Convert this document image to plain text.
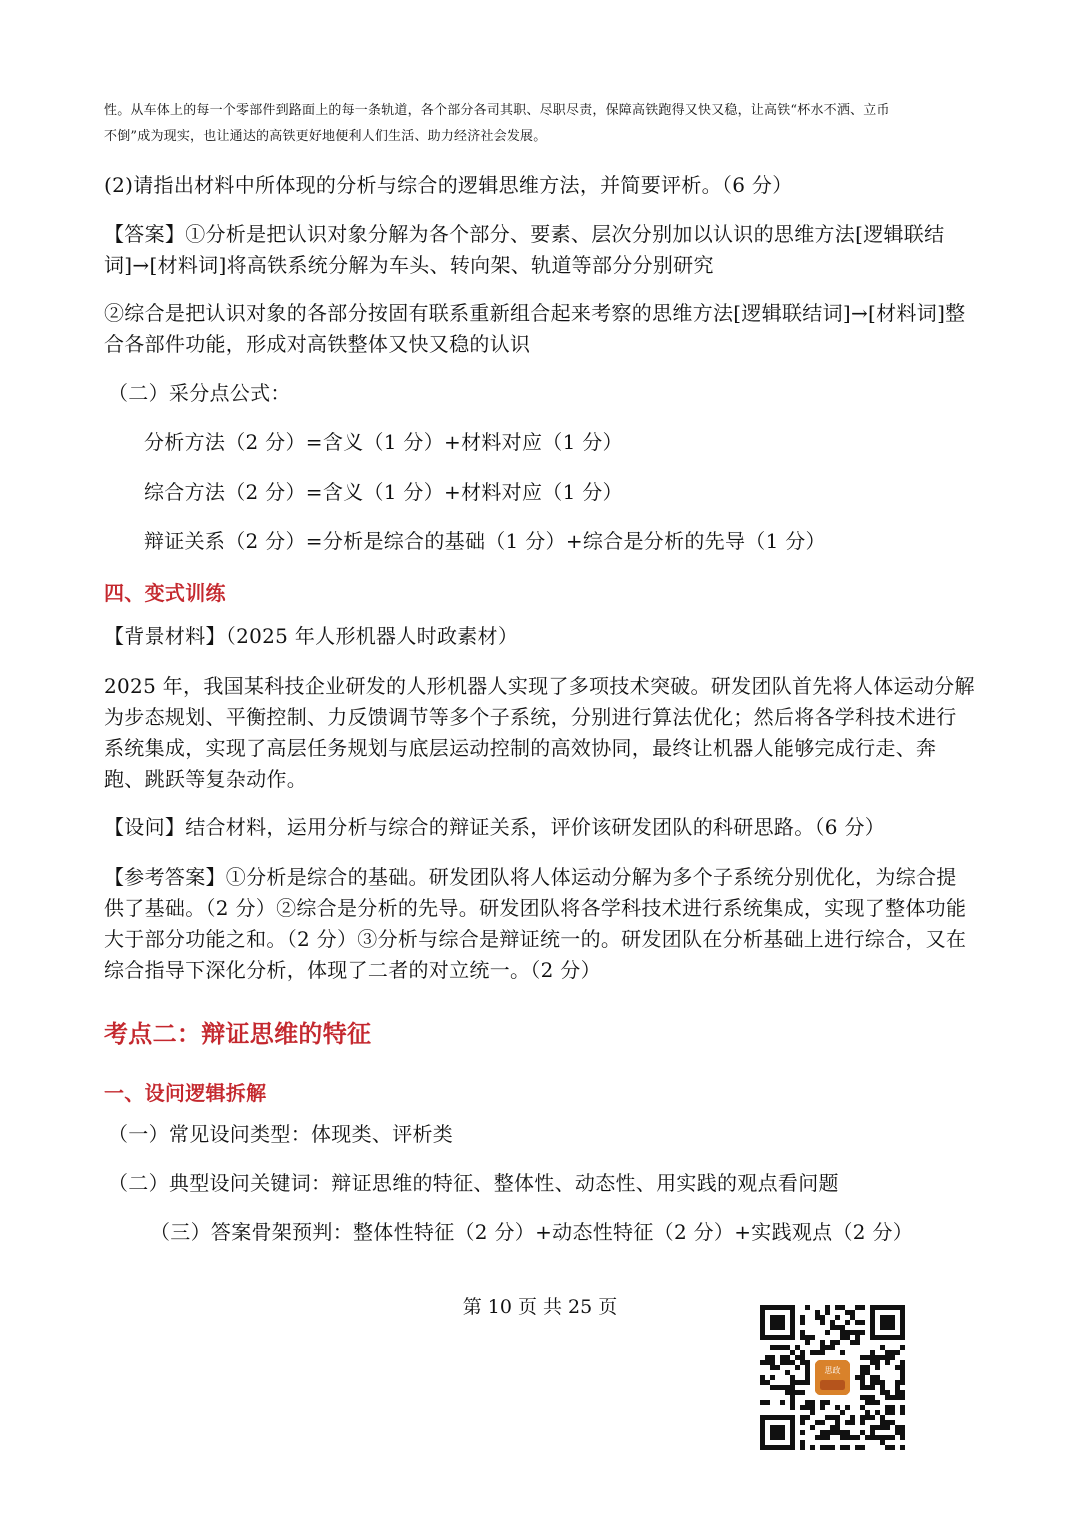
性。从车体上的每一个零部件到路面上的每一条轨道，各个部分各司其职、尽职尽责，保障高铁跑得又快又稳，让高铁“杯水不洒、立币

不倒”成为现实，也让通达的高铁更好地便利人们生活、助力经济社会发展。

(2)请指出材料中所体现的分析与综合的逻辑思维方法，并简要评析。（6 分）

【答案】①分析是把认识对象分解为各个部分、要素、层次分别加以认识的思维方法[逻辑联结词]→[材料词]将高铁系统分解为车头、转向架、轨道等部分分别研究

②综合是把认识对象的各部分按固有联系重新组合起来考察的思维方法[逻辑联结词]→[材料词]整合各部件功能，形成对高铁整体又快又稳的认识

（二）采分点公式：

分析方法（2 分）=含义（1 分）+材料对应（1 分）

综合方法（2 分）=含义（1 分）+材料对应（1 分）

辩证关系（2 分）=分析是综合的基础（1 分）+综合是分析的先导（1 分）

四、变式训练

【背景材料】（2025 年人形机器人时政素材）

2025 年，我国某科技企业研发的人形机器人实现了多项技术突破。研发团队首先将人体运动分解为步态规划、平衡控制、力反馈调节等多个子系统，分别进行算法优化；然后将各学科技术进行系统集成，实现了高层任务规划与底层运动控制的高效协同，最终让机器人能够完成行走、奔跑、跳跃等复杂动作。

【设问】结合材料，运用分析与综合的辩证关系，评价该研发团队的科研思路。（6 分）

【参考答案】①分析是综合的基础。研发团队将人体运动分解为多个子系统分别优化，为综合提供了基础。（2 分）②综合是分析的先导。研发团队将各学科技术进行系统集成，实现了整体功能大于部分功能之和。（2 分）③分析与综合是辩证统一的。研发团队在分析基础上进行综合，又在综合指导下深化分析，体现了二者的对立统一。（2 分）

考点二：辩证思维的特征

一、设问逻辑拆解

（一）常见设问类型：体现类、评析类

（二）典型设问关键词：辩证思维的特征、整体性、动态性、用实践的观点看问题

（三）答案骨架预判：整体性特征（2 分）+动态性特征（2 分）+实践观点（2 分）

第 10 页 共 25 页
思政
